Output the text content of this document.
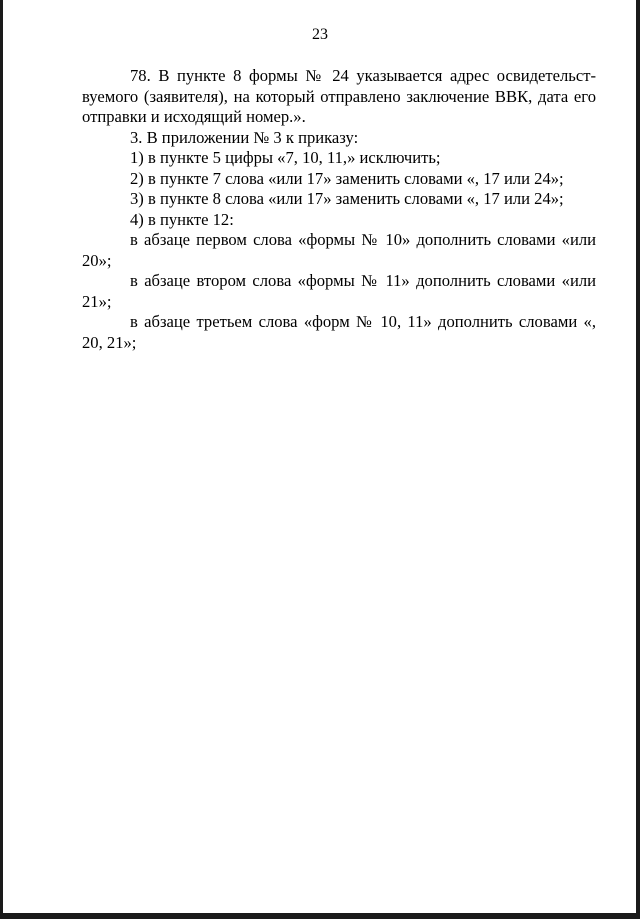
23

78. В пункте 8 формы № 24 указывается адрес освидетельст-вуемого (заявителя), на который отправлено заключение ВВК, дата его отправки и исходящий номер.».

3. В приложении № 3 к приказу:

1) в пункте 5 цифры «7, 10, 11,» исключить;

2) в пункте 7 слова «или 17» заменить словами «, 17 или 24»;

3) в пункте 8 слова «или 17» заменить словами «, 17 или 24»;

4) в пункте 12:

в абзаце первом слова «формы № 10» дополнить словами «или 20»;

в абзаце втором слова «формы № 11» дополнить словами «или 21»;

в абзаце третьем слова «форм № 10, 11» дополнить словами «, 20, 21»;
